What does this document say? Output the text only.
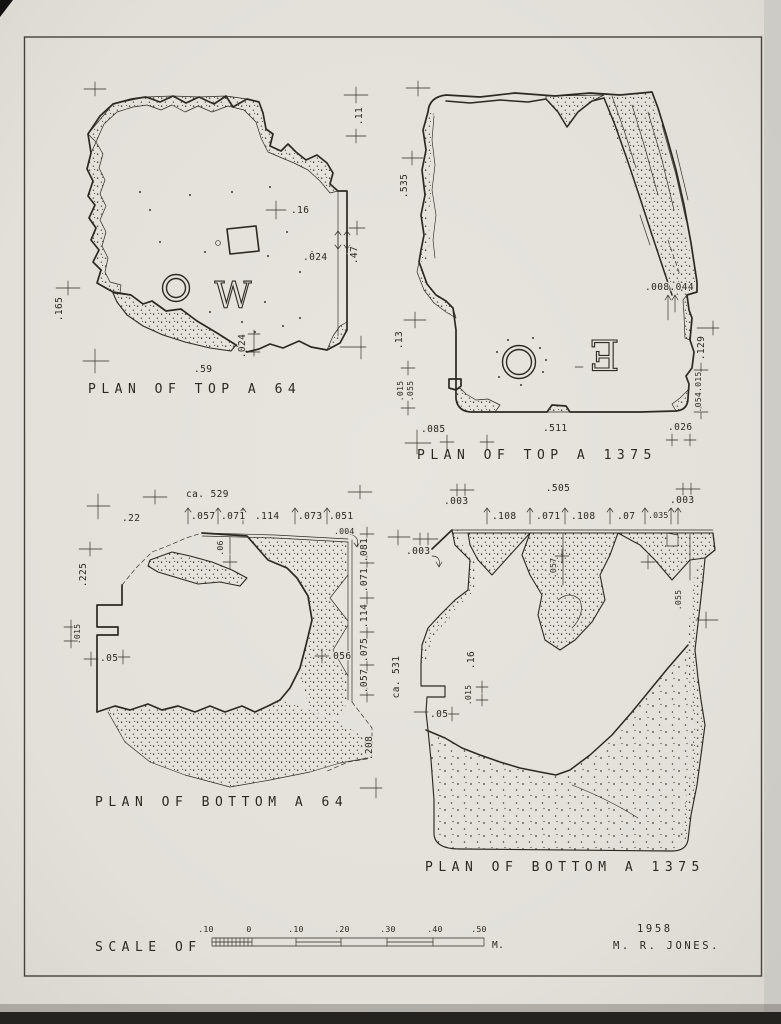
W
.11
.16
.024 .47
.165
.024
.59
PLAN OF TOP A 64
E
.535
.13
.015 .055
.085	.511	.026
.054.015
.129
.008.044
PLAN OF TOP A 1375
ca. 529
.22	.057 .071 .114 .073 .051
.004
.081
.071
.114
.075
.057
.208
.225
.015
.05
.06
.056
PLAN OF BOTTOM A 64
.505
.003	.003
.003
.108 .071 .108 .07 .035
.057
.055
ca. 531	.16
.015
.05
PLAN OF BOTTOM A 1375
SCALE OF
.10	0	.10	.20	.30	.40	.50
M.
1958
M. R. JONES.
